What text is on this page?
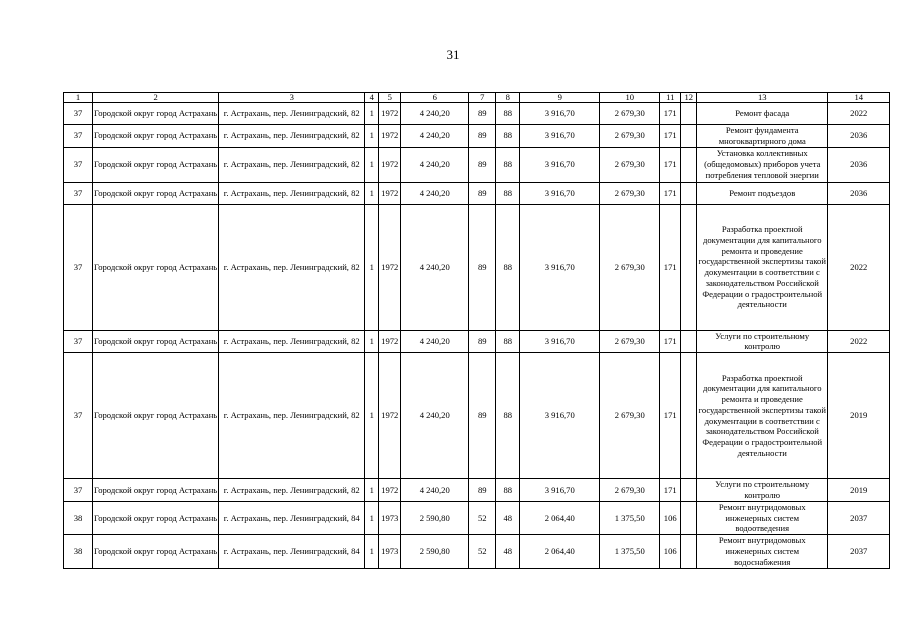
31
1	2	3	4	5	6	7	8	9	10	11	12	13	14
37	Городской округ город Астрахань	г. Астрахань, пер. Ленинградский, 82	1	1972	4 240,20	89	88	3 916,70	2 679,30	171		Ремонт фасада	2022
37	Городской округ город Астрахань	г. Астрахань, пер. Ленинградский, 82	1	1972	4 240,20	89	88	3 916,70	2 679,30	171		Ремонт фундамента многоквартирного дома	2036
37	Городской округ город Астрахань	г. Астрахань, пер. Ленинградский, 82	1	1972	4 240,20	89	88	3 916,70	2 679,30	171		Установка коллективных (общедомовых) приборов учета потребления тепловой энергии	2036
37	Городской округ город Астрахань	г. Астрахань, пер. Ленинградский, 82	1	1972	4 240,20	89	88	3 916,70	2 679,30	171		Ремонт подъездов	2036
37	Городской округ город Астрахань	г. Астрахань, пер. Ленинградский, 82	1	1972	4 240,20	89	88	3 916,70	2 679,30	171		Разработка проектной документации для капитального ремонта и проведение государственной экспертизы такой документации в соответствии с законодательством Российской Федерации о градостроительной деятельности	2022
37	Городской округ город Астрахань	г. Астрахань, пер. Ленинградский, 82	1	1972	4 240,20	89	88	3 916,70	2 679,30	171		Услуги по строительному контролю	2022
37	Городской округ город Астрахань	г. Астрахань, пер. Ленинградский, 82	1	1972	4 240,20	89	88	3 916,70	2 679,30	171		Разработка проектной документации для капитального ремонта и проведение государственной экспертизы такой документации в соответствии с законодательством Российской Федерации о градостроительной деятельности	2019
37	Городской округ город Астрахань	г. Астрахань, пер. Ленинградский, 82	1	1972	4 240,20	89	88	3 916,70	2 679,30	171		Услуги по строительному контролю	2019
38	Городской округ город Астрахань	г. Астрахань, пер. Ленинградский, 84	1	1973	2 590,80	52	48	2 064,40	1 375,50	106		Ремонт внутридомовых инженерных систем водоотведения	2037
38	Городской округ город Астрахань	г. Астрахань, пер. Ленинградский, 84	1	1973	2 590,80	52	48	2 064,40	1 375,50	106		Ремонт внутридомовых инженерных систем водоснабжения	2037
